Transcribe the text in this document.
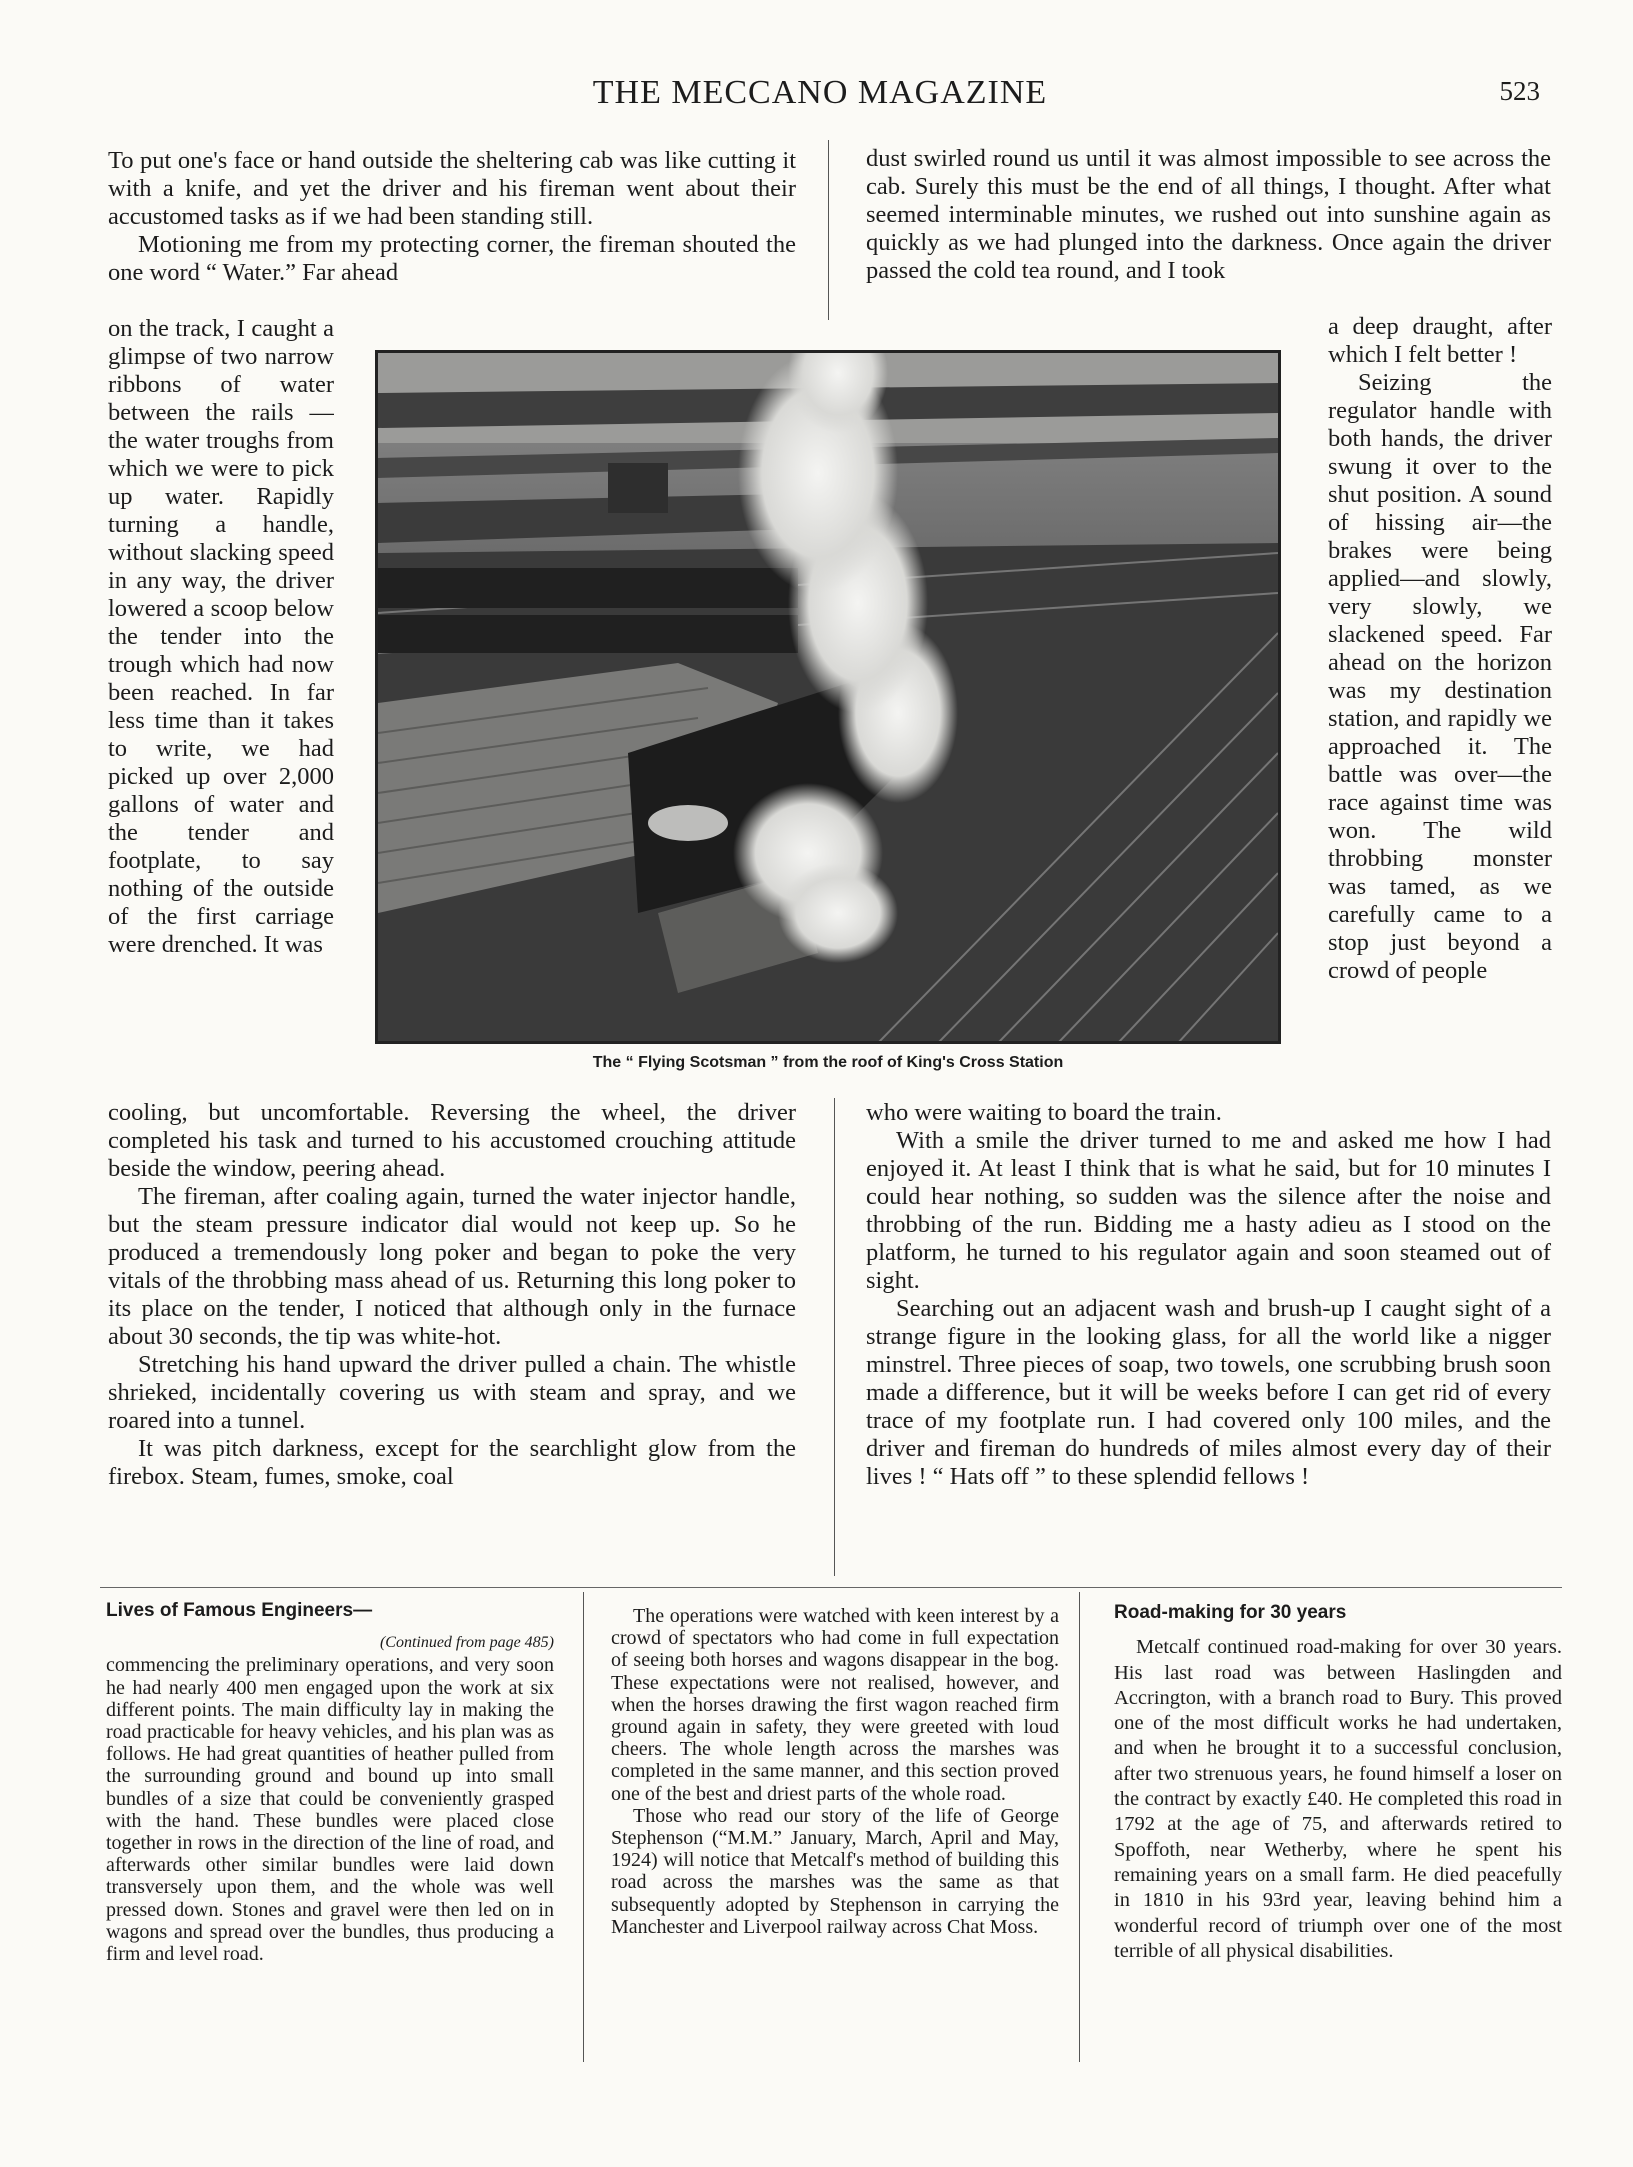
THE MECCANO MAGAZINE	523

To put one's face or hand outside the sheltering cab was like cutting it with a knife, and yet the driver and his fireman went about their accustomed tasks as if we had been standing still.

Motioning me from my protecting corner, the fireman shouted the one word “ Water.” Far ahead

on the track, I caught a glimpse of two narrow ribbons of water between the rails —the water troughs from which we were to pick up water. Rapidly turning a handle, without slacking speed in any way, the driver lowered a scoop below the tender into the trough which had now been reached. In far less time than it takes to write, we had picked up over 2,000 gallons of water and the tender and footplate, to say nothing of the outside of the first carriage were drenched. It was

cooling, but uncomfortable. Reversing the wheel, the driver completed his task and turned to his accustomed crouching attitude beside the window, peering ahead.

The fireman, after coaling again, turned the water injector handle, but the steam pressure indicator dial would not keep up. So he produced a tremendously long poker and began to poke the very vitals of the throbbing mass ahead of us. Returning this long poker to its place on the tender, I noticed that although only in the furnace about 30 seconds, the tip was white-hot.

Stretching his hand upward the driver pulled a chain. The whistle shrieked, incidentally covering us with steam and spray, and we roared into a tunnel.

It was pitch darkness, except for the searchlight glow from the firebox. Steam, fumes, smoke, coal

dust swirled round us until it was almost impossible to see across the cab. Surely this must be the end of all things, I thought. After what seemed interminable minutes, we rushed out into sunshine again as quickly as we had plunged into the darkness. Once again the driver passed the cold tea round, and I took

a deep draught, after which I felt better !

Seizing the regulator handle with both hands, the driver swung it over to the shut position. A sound of hissing air—the brakes were being applied—and slowly, very slowly, we slackened speed. Far ahead on the horizon was my destination station, and rapidly we approached it. The battle was over—the race against time was won. The wild throbbing monster was tamed, as we carefully came to a stop just beyond a crowd of people

who were waiting to board the train.

With a smile the driver turned to me and asked me how I had enjoyed it. At least I think that is what he said, but for 10 minutes I could hear nothing, so sudden was the silence after the noise and throbbing of the run. Bidding me a hasty adieu as I stood on the platform, he turned to his regulator again and soon steamed out of sight.

Searching out an adjacent wash and brush-up I caught sight of a strange figure in the looking glass, for all the world like a nigger minstrel. Three pieces of soap, two towels, one scrubbing brush soon made a difference, but it will be weeks before I can get rid of every trace of my footplate run. I had covered only 100 miles, and the driver and fireman do hundreds of miles almost every day of their lives ! “ Hats off ” to these splendid fellows !

The “ Flying Scotsman ” from the roof of King's Cross Station
Lives of Famous Engineers—
(Continued from page 485)

commencing the preliminary operations, and very soon he had nearly 400 men engaged upon the work at six different points. The main difficulty lay in making the road practicable for heavy vehicles, and his plan was as follows. He had great quantities of heather pulled from the surrounding ground and bound up into small bundles of a size that could be conveniently grasped with the hand. These bundles were placed close together in rows in the direction of the line of road, and afterwards other similar bundles were laid down transversely upon them, and the whole was well pressed down. Stones and gravel were then led on in wagons and spread over the bundles, thus producing a firm and level road.

The operations were watched with keen interest by a crowd of spectators who had come in full expectation of seeing both horses and wagons disappear in the bog. These expectations were not realised, however, and when the horses drawing the first wagon reached firm ground again in safety, they were greeted with loud cheers. The whole length across the marshes was completed in the same manner, and this section proved one of the best and driest parts of the whole road.

Those who read our story of the life of George Stephenson (“M.M.” January, March, April and May, 1924) will notice that Metcalf's method of building this road across the marshes was the same as that subsequently adopted by Stephenson in carrying the Manchester and Liverpool railway across Chat Moss.

Road-making for 30 years

Metcalf continued road-making for over 30 years. His last road was between Haslingden and Accrington, with a branch road to Bury. This proved one of the most difficult works he had undertaken, and when he brought it to a successful conclusion, after two strenuous years, he found himself a loser on the contract by exactly £40. He completed this road in 1792 at the age of 75, and afterwards retired to Spoffoth, near Wetherby, where he spent his remaining years on a small farm. He died peacefully in 1810 in his 93rd year, leaving behind him a wonderful record of triumph over one of the most terrible of all physical disabilities.
